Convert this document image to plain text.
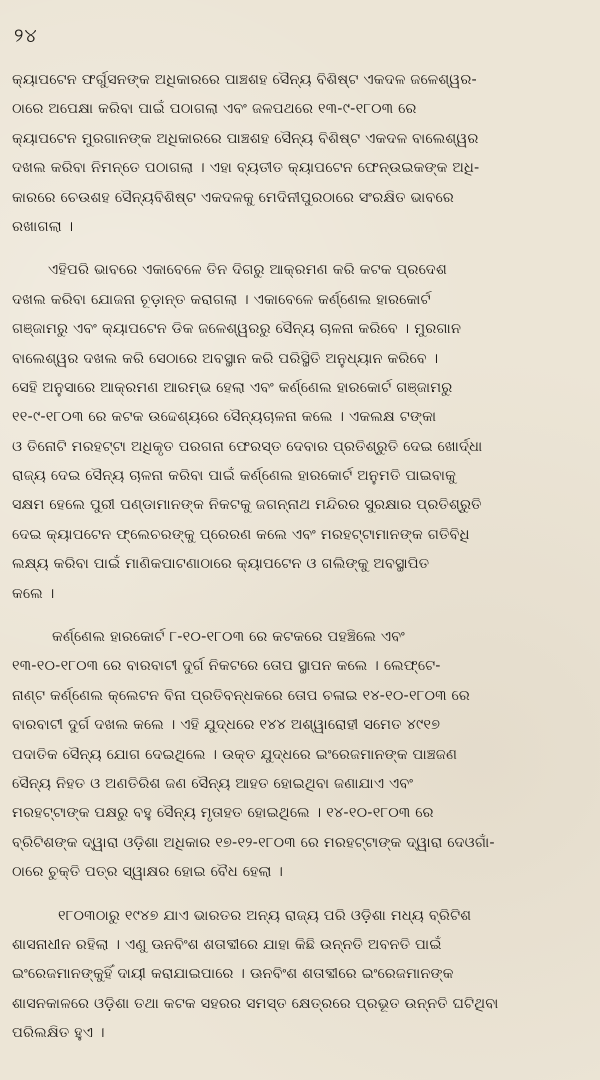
୨୪
କ୍ୟାପଟେନ ଫର୍ଗୁସନଙ୍କ ଅଧିକାରରେ ପାଞ୍ଚଶହ ସୈନ୍ୟ ବିଶିଷ୍ଟ ଏକଦଳ ଜଳେଶ୍ୱର-
ଠାରେ ଅପେକ୍ଷା କରିବା ପାଇଁ ପଠାଗଲା ଏବଂ ଜଳପଥରେ ୧୩-୯-୧୮୦୩ ରେ
କ୍ୟାପଟେନ ମୁରଗାନଙ୍କ ଅଧିକାରରେ ପାଞ୍ଚଶହ ସୈନ୍ୟ ବିଶିଷ୍ଟ ଏକଦଳ ବାଲେଶ୍ୱର
ଦଖଲ କରିବା ନିମନ୍ତେ ପଠାଗଲା । ଏହା ବ୍ୟତୀତ କ୍ୟାପଟେନ ଫେନ୍‌ଉଇକଙ୍କ ଅଧି-
କାରରେ ଚେଉଶହ ସୈନ୍ୟବିଶିଷ୍ଟ ଏକଦଳକୁ ମେଦିନୀପୁରଠାରେ ସଂରକ୍ଷିତ ଭାବରେ
ରଖାଗଲା ।
ଏହିପରି ଭାବରେ ଏକାବେଳେ ତିନ ଦିଗରୁ ଆକ୍ରମଣ କରି କଟକ ପ୍ରଦେଶ
ଦଖଲ କରିବା ଯୋଜନା ଚୂଡ଼ାନ୍ତ କରାଗଲା । ଏକାବେଳେ କର୍ଣ୍ଣେଲ ହାରକୋର୍ଟ
ଗଞ୍ଜାମରୁ ଏବଂ କ୍ୟାପଟେନ ଡିକ ଜଳେଶ୍ୱରରୁ ସୈନ୍ୟ ଚାଳନା କରିବେ । ମୁରଗାନ
ବାଲେଶ୍ୱର ଦଖଲ କରି ସେଠାରେ ଅବସ୍ଥାନ କରି ପରିସ୍ଥିତି ଅନୁଧ୍ୟାନ କରିବେ ।
ସେହି ଅନୁସାରେ ଆକ୍ରମଣ ଆରମ୍ଭ ହେଲା ଏବଂ କର୍ଣ୍ଣେଲ ହାରକୋର୍ଟ ଗଞ୍ଜାମରୁ
୧୧-୯-୧୮୦୩ ରେ କଟକ ଉଦ୍ଦେଶ୍ୟରେ ସୈନ୍ୟଚାଳନା କଲେ । ଏକଲକ୍ଷ ଟଙ୍କା
ଓ ତିନୋଟି ମରହଟ୍ଟା ଅଧିକୃତ ପରଗନା ଫେରସ୍ତ ଦେବାର ପ୍ରତିଶ୍ରୁତି ଦେଇ ଖୋର୍ଦ୍ଧା
ରାଜ୍ୟ ଦେଇ ସୈନ୍ୟ ଚାଳନା କରିବା ପାଇଁ କର୍ଣ୍ଣେଲ ହାରକୋର୍ଟ ଅନୁମତି ପାଇବାକୁ
ସକ୍ଷମ ହେଲେ ପୁରୀ ପଣ୍ଡାମାନଙ୍କ ନିକଟକୁ ଜଗନ୍ନାଥ ମନ୍ଦିରର ସୁରକ୍ଷାର ପ୍ରତିଶ୍ରୁତି
ଦେଇ କ୍ୟାପଟେନ ଫ୍ଲେଚରଙ୍କୁ ପ୍ରେରଣ କଲେ ଏବଂ ମରହଟ୍ଟାମାନଙ୍କ ଗତିବିଧି
ଲକ୍ଷ୍ୟ କରିବା ପାଇଁ ମାଣିକପାଟଣାଠାରେ କ୍ୟାପଟେନ ଓ ଗଲିଙ୍କୁ ଅବସ୍ଥାପିତ
କଲେ ।
କର୍ଣ୍ଣେଲ ହାରକୋର୍ଟ ୮-୧୦-୧୮୦୩ ରେ କଟକରେ ପହଞ୍ଚିଲେ ଏବଂ
୧୩-୧୦-୧୮୦୩ ରେ ବାରବାଟୀ ଦୁର୍ଗ ନିକଟରେ ତୋପ ସ୍ଥାପନ କଲେ । ଲେଫ୍‌ଟେ-
ନାଣ୍ଟ କର୍ଣ୍ଣେଲ କ୍ଲେଟନ ବିନା ପ୍ରତିବନ୍ଧକରେ ତୋପ ଚଳାଇ ୧୪-୧୦-୧୮୦୩ ରେ
ବାରବାଟୀ ଦୁର୍ଗ ଦଖଲ କଲେ । ଏହି ଯୁଦ୍ଧରେ ୧୪୪ ଅଶ୍ୱାରୋହୀ ସମେତ ୪୯୧୭
ପଦାତିକ ସୈନ୍ୟ ଯୋଗ ଦେଇଥିଲେ । ଉକ୍ତ ଯୁଦ୍ଧରେ ଇଂରେଜମାନଙ୍କ ପାଞ୍ଚଜଣ
ସୈନ୍ୟ ନିହତ ଓ ଅଣତିରିଶ ଜଣ ସୈନ୍ୟ ଆହତ ହୋଇଥିବା ଜଣାଯାଏ ଏବଂ
ମରହଟ୍ଟାଙ୍କ ପକ୍ଷରୁ ବହୁ ସୈନ୍ୟ ମୃତାହତ ହୋଇଥିଲେ । ୧୪-୧୦-୧୮୦୩ ରେ
ବ୍ରିଟିଶଙ୍କ ଦ୍ୱାରା ଓଡ଼ିଶା ଅଧିକାର ୧୭-୧୨-୧୮୦୩ ରେ ମରହଟ୍ଟାଙ୍କ ଦ୍ୱାରା ଦେଓଗାଁ-
ଠାରେ ଚୁକ୍ତି ପତ୍ର ସ୍ୱାକ୍ଷର ହୋଇ ବୈଧ ହେଲା ।
୧୮୦୩ଠାରୁ ୧୯୪୭ ଯାଏ ଭାରତର ଅନ୍ୟ ରାଜ୍ୟ ପରି ଓଡ଼ିଶା ମଧ୍ୟ ବ୍ରିଟିଶ
ଶାସନାଧୀନ ରହିଲା । ଏଣୁ ଊନବିଂଶ ଶତାବ୍ଦୀରେ ଯାହା କିଛି ଉନ୍ନତି ଅବନତି ପାଇଁ
ଇଂରେଜମାନଙ୍କୁହିଁ ଦାୟୀ କରାଯାଇପାରେ । ଊନବିଂଶ ଶତାବ୍ଦୀରେ ଇଂରେଜମାନଙ୍କ
ଶାସନକାଳରେ ଓଡ଼ିଶା ତଥା କଟକ ସହରର ସମସ୍ତ କ୍ଷେତ୍ରରେ ପ୍ରଭୂତ ଉନ୍ନତି ଘଟିଥିବା
ପରିଲକ୍ଷିତ ହୁଏ ।
